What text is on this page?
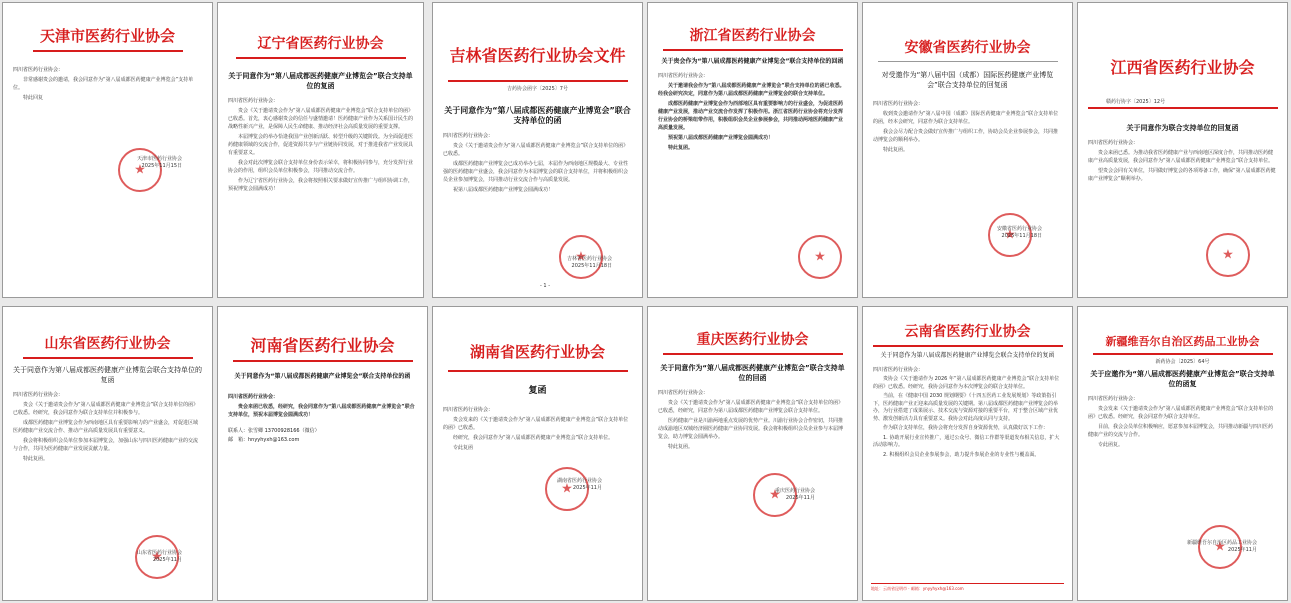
天津市医药行业协会
四川省医药行业协会：

非常感谢贵会的邀请，我会同意作为“第八届成都医药健康产业博览会”支持单位。

特此回复

★
天津市医药行业协会
2025年11月15日
辽宁省医药行业协会
关于同意作为“第八届成都医药健康产业博览会”联合支持单位的复函
四川省医药行业协会：

贵会《关于邀请贵会作为“第八届成都医药健康产业博览会”联合支持单位的函》已收悉。首先，衷心感谢贵会的信任与盛情邀请！医药健康产业作为关系国计民生的战略性新兴产业，是保障人民生命健康、推动经济社会高质量发展的重要支撑。

本届博览会的举办恰逢我国产业创新活跃、转型升级的关键阶段。为全面促进医药健康领域的交流合作，促进资源共享与产业链协同发展，对于推进我省产业发展具有重要意义。

我会对此次博览会联合支持单位身份表示荣幸，将积极协同参与，充分发挥行业协会的作用，组织会员单位积极参会，共同推动交流合作。

作为辽宁省医药行业协会，我会将按照相关要求做好宣传推广与组织协调工作，预祝博览会圆满成功！

吉林省医药行业协会文件
吉药协会函字〔2025〕7号
关于同意作为“第八届成都医药健康产业博览会”联合支持单位的函
四川省医药行业协会：

贵会《关于邀请贵会作为“第八届成都医药健康产业博览会”联合支持单位的函》已收悉。

成都医药健康产业博览会已成功举办七届，本届作为西南地区规模最大、专业性强的医药健康产业盛会，我会同意作为本届博览会的联合支持单位，并将积极组织会员企业参加博览会，共同推动行业交流合作与高质量发展。

祝第八届成都医药健康产业博览会圆满成功！

★
吉林省医药行业协会
2025年11月18日
- 1 -
浙江省医药行业协会
关于贵会作为“第八届成都医药健康产业博览会”联合支持单位的回函
四川省医药行业协会：

关于邀请我会作为“第八届成都医药健康产业博览会”联合支持单位的函已收悉。经我会研究决定，同意作为第八届成都医药健康产业博览会的联合支持单位。

成都医药健康产业博览会作为西部地区具有重要影响力的行业盛会，为促进医药健康产业发展，推动产业交流合作发挥了积极作用。浙江省医药行业协会将充分发挥行业协会的桥梁纽带作用，积极组织会员企业参展参会，共同推动两地医药健康产业高质量发展。

预祝第八届成都医药健康产业博览会圆满成功！

特此复函。

★
安徽省医药行业协会
对受邀作为“第八届中国（成都）国际医药健康产业博览会”联合支持单位的回复函
四川省医药行业协会：

收到贵会邀请作为“第八届中国（成都）国际医药健康产业博览会”联合支持单位的函，经本会研究，同意作为联合支持单位。

我会会尽力配合贵会做好宣传推广与组织工作，协助会员企业参展参会，共同推动博览会的顺利举办。

特此复函。

★
安徽省医药行业协会
2025年11月18日
江西省医药行业协会
赣药行协字〔2025〕12号
关于同意作为联合支持单位的回复函
四川省医药行业协会：

贵会来函已悉。为推动我省医药健康产业与西南地区深度合作，共同推动医药健康产业高质量发展，我会同意作为“第八届成都医药健康产业博览会”联合支持单位。

望贵会会同有关单位，共同做好博览会的各项筹备工作，确保“第八届成都医药健康产业博览会”顺利举办。

★
山东省医药行业协会
关于同意作为第八届成都医药健康产业博览会联合支持单位的复函
四川省医药行业协会：

贵会《关于邀请贵会作为“第八届成都医药健康产业博览会”联合支持单位的函》已收悉。经研究，我会同意作为联合支持单位并积极参与。

成都医药健康产业博览会作为西南地区具有重要影响力的产业盛会，对促进区域医药健康产业交流合作、推动产业高质量发展具有重要意义。

我会将积极组织会员单位参加本届博览会，加强山东与四川医药健康产业的交流与合作，共同为医药健康产业发展贡献力量。

特此复函。

★
山东省医药行业协会
2025年11月
河南省医药行业协会
关于同意作为“第八届成都医药健康产业博览会”联合支持单位的函
四川省医药行业协会：

贵会来函已收悉，经研究，我会同意作为“第八届成都医药健康产业博览会”联合支持单位，预祝本届博览会圆满成功！

联系人：张雪卿 13700928166（微信）
邮　箱：hnyyhyxh@163.com
湖南省医药行业协会
复函
四川省医药行业协会：

贵会发来的《关于邀请贵会作为“第八届成都医药健康产业博览会”联合支持单位的函》已收悉。

经研究，我会同意作为“第八届成都医药健康产业博览会”联合支持单位。

专此复函

★
湖南省医药行业协会
2025年11月
重庆医药行业协会
关于同意作为“第八届成都医药健康产业博览会”联合支持单位的回函
四川省医药行业协会：

贵会《关于邀请贵会作为“第八届成都医药健康产业博览会”联合支持单位的函》已收悉，经研究，同意作为第八届成都医药健康产业博览会联合支持单位。

医药健康产业是川渝两地重点发展的优势产业。川渝行业协会合作密切，共同推动成渝地区双城经济圈医药健康产业协同发展。我会将积极组织会员企业参与本届博览会，助力博览会圆满举办。

特此复函。

★
重庆医药行业协会
2025年11月
云南省医药行业协会
关于同意作为第八届成都医药健康产业博览会联合支持单位的复函
四川省医药行业协会：

贵协会《关于邀请作为 2026 年“第八届成都医药健康产业博览会”联合支持单位的函》已收悉。经研究，我协会同意作为本次博览会的联合支持单位。

当前，在《健康中国 2030 规划纲要》《十四五医药工业发展规划》等政策指引下，医药健康产业正迎来高质量发展的关键期。第八届成都医药健康产业博览会的举办，为行业搭建了成果展示、技术交流与资源对接的重要平台，对于整合区域产业优势、激发创新活力具有重要意义。我协会对此高度认同与支持。

作为联合支持单位，我协会将充分发挥自身资源优势，认真做好以下工作：

1. 协助开展行业宣传推广，通过公众号、微信工作群等渠道发布相关信息，扩大活动影响力。

2. 积极组织会员企业参展参会，助力提升参展企业的专业性与覆盖面。

地址：云南省昆明市 · 邮箱：ynyyhyxh@163.com
新疆维吾尔自治区药品工业协会
新药协会〔2025〕64号
关于应邀作为“第八届成都医药健康产业博览会”联合支持单位的函复
四川省医药行业协会：

贵会发来《关于邀请贵会作为“第八届成都医药健康产业博览会”联合支持单位的函》已收悉。经研究，我会同意作为联合支持单位。

目前，我会会员单位积极响应，愿意参加本届博览会，共同推动新疆与四川医药健康产业的交流与合作。

专此函复。

★
新疆维吾尔自治区药品工业协会
2025年11月
